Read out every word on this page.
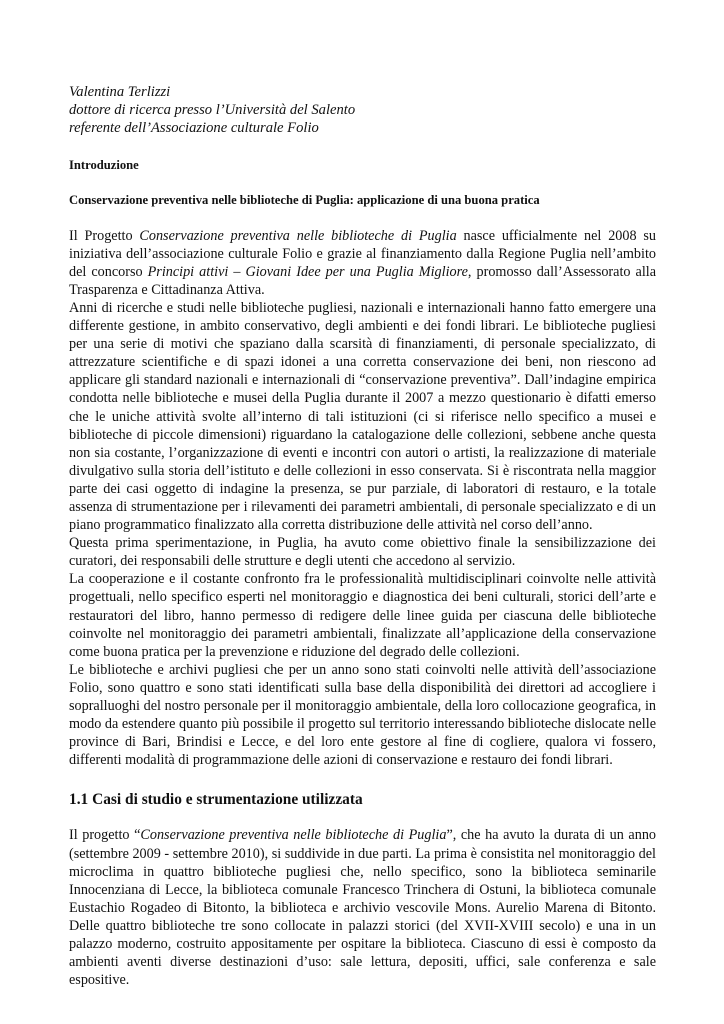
Valentina Terlizzi

dottore di ricerca presso l’Università del Salento

referente dell’Associazione culturale Folio

Introduzione
Conservazione preventiva nelle biblioteche di Puglia: applicazione di una buona pratica

Il Progetto Conservazione preventiva nelle biblioteche di Puglia nasce ufficialmente nel 2008 su iniziativa dell’associazione culturale Folio e grazie al finanziamento dalla Regione Puglia nell’ambito del concorso Principi attivi – Giovani Idee per una Puglia Migliore, promosso dall’Assessorato alla Trasparenza e Cittadinanza Attiva.

Anni di ricerche e studi nelle biblioteche pugliesi, nazionali e internazionali hanno fatto emergere una differente gestione, in ambito conservativo, degli ambienti e dei fondi librari. Le biblioteche pugliesi per una serie di motivi che spaziano dalla scarsità di finanziamenti, di personale specializzato, di attrezzature scientifiche e di spazi idonei a una corretta conservazione dei beni, non riescono ad applicare gli standard nazionali e internazionali di “conservazione preventiva”. Dall’indagine empirica condotta nelle biblioteche e musei della Puglia durante il 2007 a mezzo questionario è difatti emerso che le uniche attività svolte all’interno di tali istituzioni (ci si riferisce nello specifico a musei e biblioteche di piccole dimensioni) riguardano la catalogazione delle collezioni, sebbene anche questa non sia costante, l’organizzazione di eventi e incontri con autori o artisti, la realizzazione di materiale divulgativo sulla storia dell’istituto e delle collezioni in esso conservata. Si è riscontrata nella maggior parte dei casi oggetto di indagine la presenza, se pur parziale, di laboratori di restauro, e la totale assenza di strumentazione per i rilevamenti dei parametri ambientali, di personale specializzato e di un piano programmatico finalizzato alla corretta distribuzione delle attività nel corso dell’anno.

Questa prima sperimentazione, in Puglia, ha avuto come obiettivo finale la sensibilizzazione dei curatori, dei responsabili delle strutture e degli utenti che accedono al servizio.

La cooperazione e il costante confronto fra le professionalità multidisciplinari coinvolte nelle attività progettuali, nello specifico esperti nel monitoraggio e diagnostica dei beni culturali, storici dell’arte e restauratori del libro, hanno permesso di redigere delle linee guida per ciascuna delle biblioteche coinvolte nel monitoraggio dei parametri ambientali, finalizzate all’applicazione della conservazione come buona pratica per la prevenzione e riduzione del degrado delle collezioni.

Le biblioteche e archivi pugliesi che per un anno sono stati coinvolti nelle attività dell’associazione Folio, sono quattro e sono stati identificati sulla base della disponibilità dei direttori ad accogliere i sopralluoghi del nostro personale per il monitoraggio ambientale, della loro collocazione geografica, in modo da estendere quanto più possibile il progetto sul territorio interessando biblioteche dislocate nelle province di Bari, Brindisi e Lecce, e del loro ente gestore al fine di cogliere, qualora vi fossero, differenti modalità di programmazione delle azioni di conservazione e restauro dei fondi librari.

1.1 Casi di studio e strumentazione utilizzata

Il progetto “Conservazione preventiva nelle biblioteche di Puglia”, che ha avuto la durata di un anno (settembre 2009 - settembre 2010), si suddivide in due parti. La prima è consistita nel monitoraggio del microclima in quattro biblioteche pugliesi che, nello specifico, sono la biblioteca seminarile Innocenziana di Lecce, la biblioteca comunale Francesco Trinchera di Ostuni, la biblioteca comunale Eustachio Rogadeo di Bitonto, la biblioteca e archivio vescovile Mons. Aurelio Marena di Bitonto. Delle quattro biblioteche tre sono collocate in palazzi storici (del XVII-XVIII secolo) e una in un palazzo moderno, costruito appositamente per ospitare la biblioteca. Ciascuno di essi è composto da ambienti aventi diverse destinazioni d’uso: sale lettura, depositi, uffici, sale conferenza e sale espositive.
